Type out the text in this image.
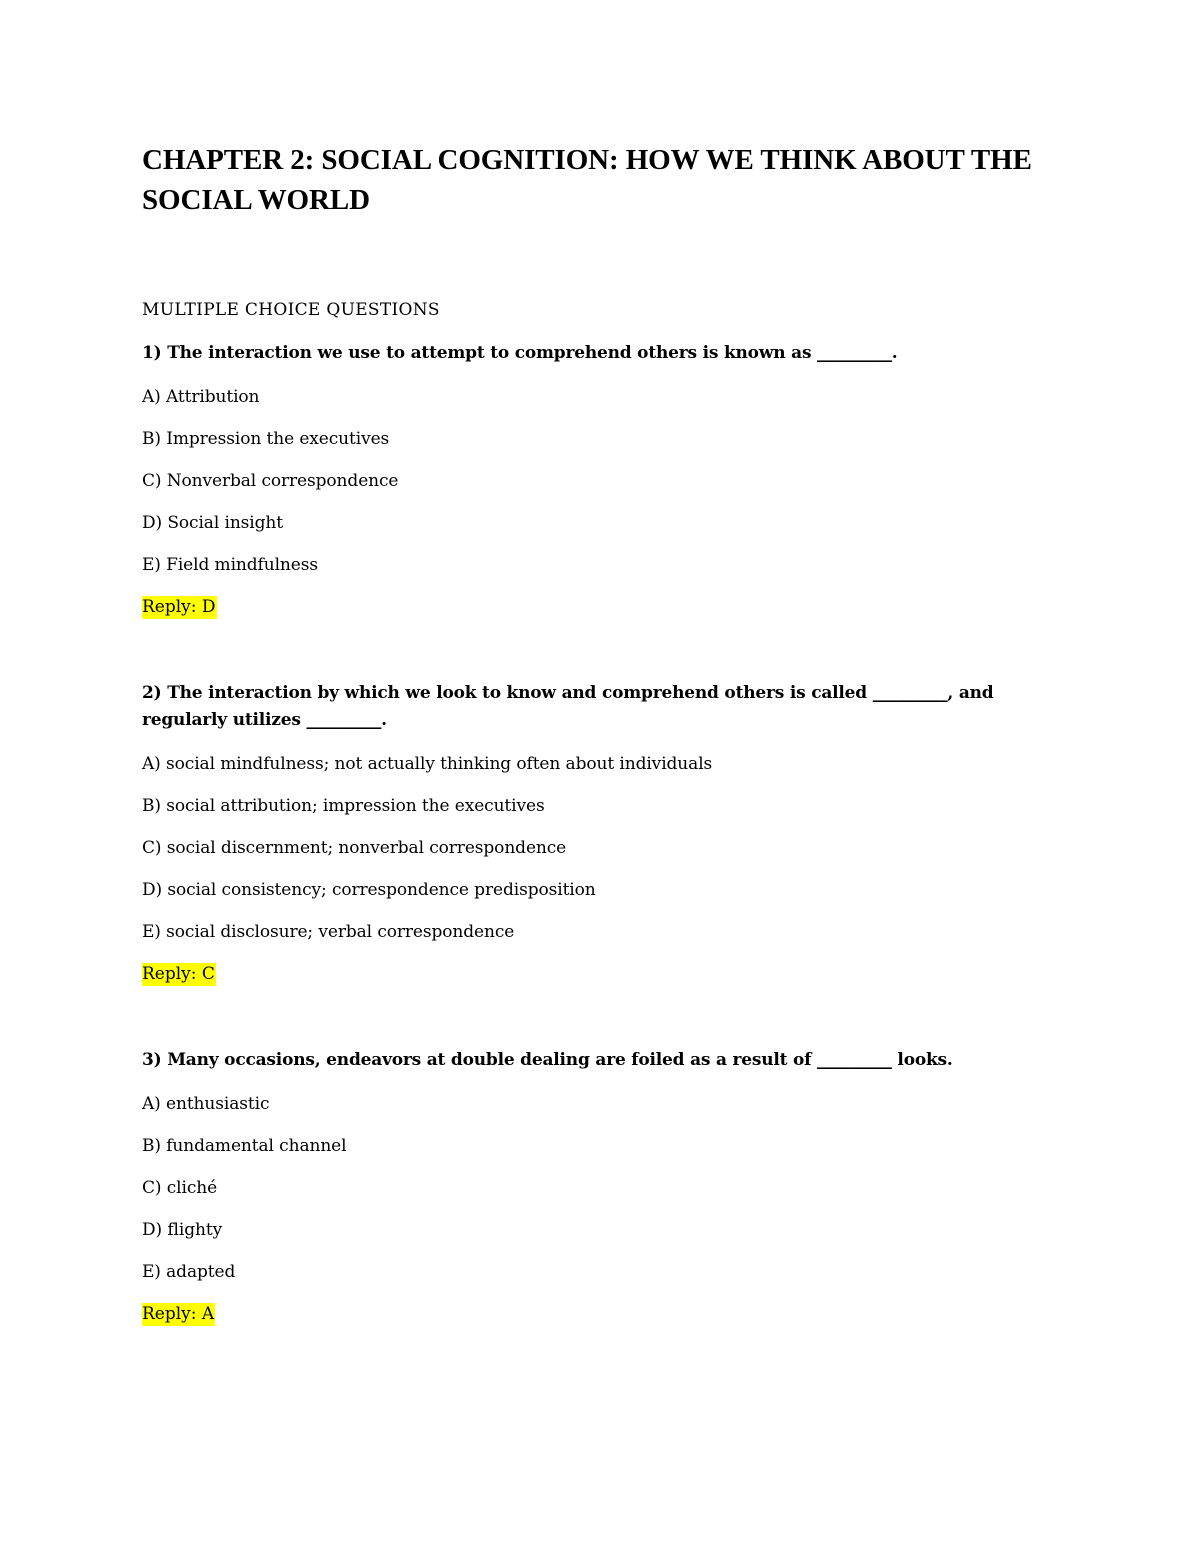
CHAPTER 2: SOCIAL COGNITION: HOW WE THINK ABOUT THE SOCIAL WORLD
MULTIPLE CHOICE QUESTIONS

1) The interaction we use to attempt to comprehend others is known as _________.

A) Attribution
B) Impression the executives
C) Nonverbal correspondence
D) Social insight
E) Field mindfulness
Reply: D

2) The interaction by which we look to know and comprehend others is called _________, and regularly utilizes _________.

A) social mindfulness; not actually thinking often about individuals
B) social attribution; impression the executives
C) social discernment; nonverbal correspondence
D) social consistency; correspondence predisposition
E) social disclosure; verbal correspondence
Reply: C

3) Many occasions, endeavors at double dealing are foiled as a result of _________ looks.

A) enthusiastic
B) fundamental channel
C) cliché
D) flighty
E) adapted
Reply: A
